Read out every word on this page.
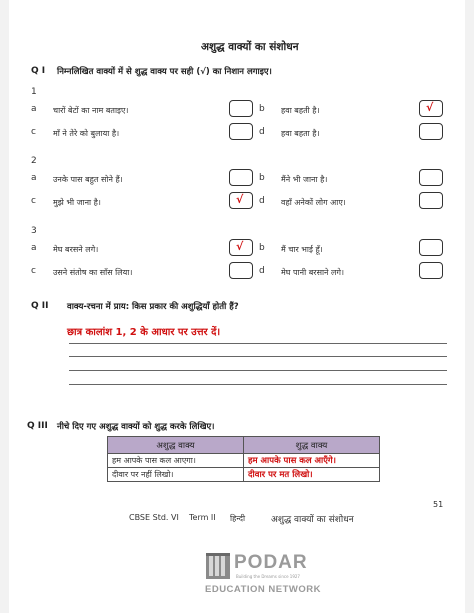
अशुद्ध वाक्यों का संशोधन
Q I निम्नलिखित वाक्यों में से शुद्ध वाक्य पर सही (√) का निशान लगाइए।
1
a चारों बेटों का नाम बताइए।	b हवा बहती है।	√
c माँ ने तेरे को बुलाया है।	d हवा बहता है।
2
a उनके पास बहुत सोने हैं।	b मैंने भी जाना है।
c मुझे भी जाना है।	√ d वहाँ अनेकों लोग आए।
3
a मेघ बरसने लगे।	√ b मैं चार भाई हूँ।
c उसने संतोष का साँस लिया।	d मेघ पानी बरसाने लगे।
Q II वाक्य-रचना में प्राय: किस प्रकार की अशुद्धियाँ होती हैं?
छात्र कालांश 1, 2 के आधार पर उत्तर दें।
Q III नीचे दिए गए अशुद्ध वाक्यों को शुद्ध करके लिखिए।
अशुद्ध वाक्य	शुद्ध वाक्य
हम आपके पास कल आएगा।	हम आपके पास कल आएँगे।
दीवार पर नहीं लिखो।	दीवार पर मत लिखो।
51
CBSE Std. VI Term II हिन्दी	अशुद्ध वाक्यों का संशोधन
PODAR
Building the Dreams since 1927
EDUCATION NETWORK
